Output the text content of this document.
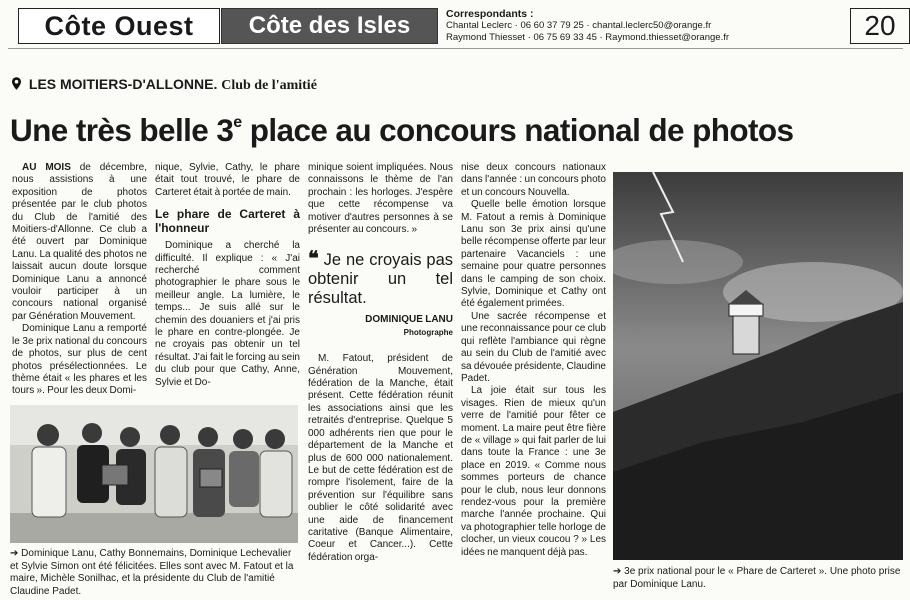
Côte Ouest	Côte des Isles	Correspondants :
Chantal Leclerc · 06 60 37 79 25 · chantal.leclerc50@orange.fr
Raymond Thiesset · 06 75 69 33 45 · Raymond.thiesset@orange.fr	20
LES MOITIERS-D'ALLONNE. Club de l'amitié
Une très belle 3e place au concours national de photos

AU MOIS de décembre, nous assistions à une exposition de photos présentée par le club photos du Club de l'amitié des Moitiers-d'Allonne. Ce club a été ouvert par Dominique Lanu. La qualité des photos ne laissait aucun doute lorsque Dominique Lanu a annoncé vouloir participer à un concours national organisé par Génération Mouvement.

Dominique Lanu a remporté le 3e prix national du concours de photos, sur plus de cent photos présélectionnées. Le thème était « les phares et les tours ». Pour les deux Domi-

➔ Dominique Lanu, Cathy Bonnemains, Dominique Lechevalier et Sylvie Simon ont été félicitées. Elles sont avec M. Fatout et la maire, Michèle Sonilhac, et la présidente du Club de l'amitié Claudine Padet.

nique, Sylvie, Cathy, le phare était tout trouvé, le phare de Carteret était à portée de main.

Le phare de Carteret à l'honneur

Dominique a cherché la difficulté. Il explique : « J'ai recherché comment photographier le phare sous le meilleur angle. La lumière, le temps... Je suis allé sur le chemin des douaniers et j'ai pris le phare en contre-plongée. Je ne croyais pas obtenir un tel résultat. J'ai fait le forcing au sein du club pour que Cathy, Anne, Sylvie et Do-

minique soient impliquées. Nous connaissons le thème de l'an prochain : les horloges. J'espère que cette récompense va motiver d'autres personnes à se présenter au concours. »

❝ Je ne croyais pas obtenir un tel résultat.
DOMINIQUE LANU
Photographe

M. Fatout, président de Génération Mouvement, fédération de la Manche, était présent. Cette fédération réunit les associations ainsi que les retraités d'entreprise. Quelque 5 000 adhérents rien que pour le département de la Manche et plus de 600 000 nationalement. Le but de cette fédération est de rompre l'isolement, faire de la prévention sur l'équilibre sans oublier le côté solidarité avec une aide de financement caritative (Banque Alimentaire, Coeur et Cancer...). Cette fédération orga-

nise deux concours nationaux dans l'année : un concours photo et un concours Nouvella.

Quelle belle émotion lorsque M. Fatout a remis à Dominique Lanu son 3e prix ainsi qu'une belle récompense offerte par leur partenaire Vacanciels : une semaine pour quatre personnes dans le camping de son choix. Sylvie, Dominique et Cathy ont été également primées.

Une sacrée récompense et une reconnaissance pour ce club qui reflète l'ambiance qui règne au sein du Club de l'amitié avec sa dévouée présidente, Claudine Padet.

La joie était sur tous les visages. Rien de mieux qu'un verre de l'amitié pour fêter ce moment. La maire peut être fière de « village » qui fait parler de lui dans toute la France : une 3e place en 2019. « Comme nous sommes porteurs de chance pour le club, nous leur donnons rendez-vous pour la première marche l'année prochaine. Qui va photographier telle horloge de clocher, un vieux coucou ? » Les idées ne manquent déjà pas.

➔ 3e prix national pour le « Phare de Carteret ». Une photo prise par Dominique Lanu.
